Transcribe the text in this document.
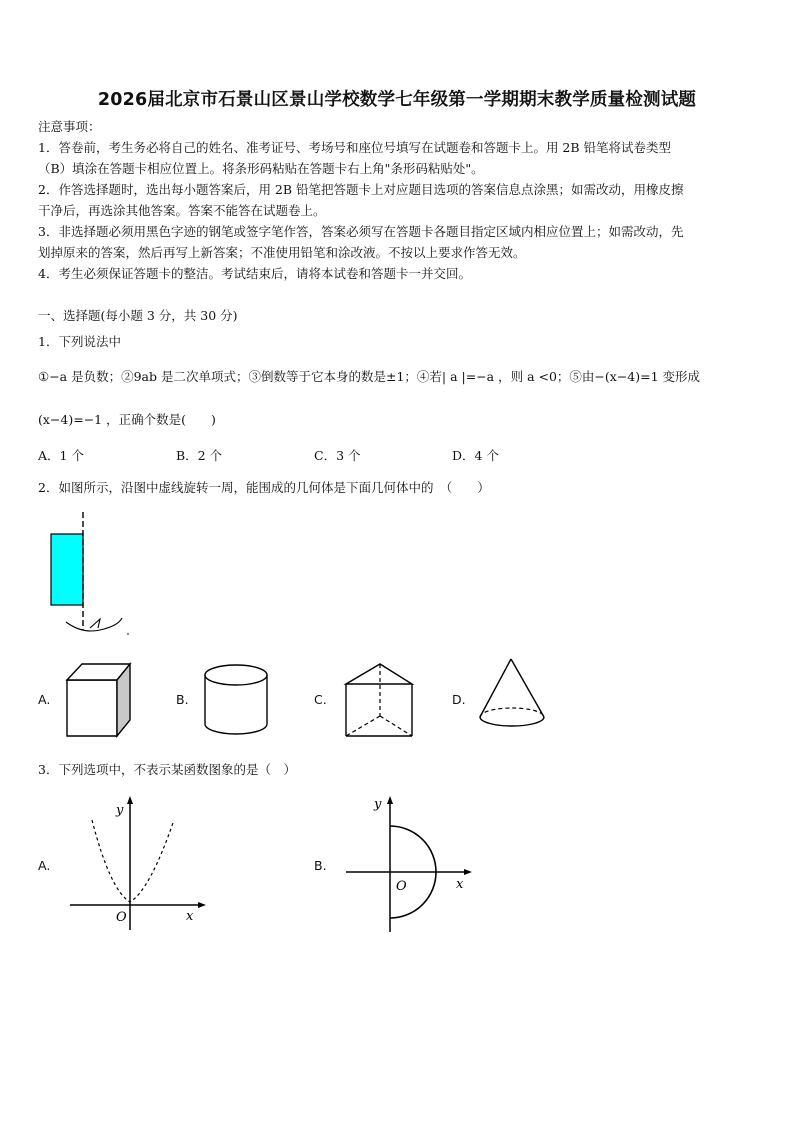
2026届北京市石景山区景山学校数学七年级第一学期期末教学质量检测试题
注意事项：
1．答卷前，考生务必将自己的姓名、准考证号、考场号和座位号填写在试题卷和答题卡上。用 2B 铅笔将试卷类型
（B）填涂在答题卡相应位置上。将条形码粘贴在答题卡右上角"条形码粘贴处"。
2．作答选择题时，选出每小题答案后，用 2B 铅笔把答题卡上对应题目选项的答案信息点涂黑；如需改动，用橡皮擦
干净后，再选涂其他答案。答案不能答在试题卷上。
3．非选择题必须用黑色字迹的钢笔或签字笔作答，答案必须写在答题卡各题目指定区域内相应位置上；如需改动，先
划掉原来的答案，然后再写上新答案；不准使用铅笔和涂改液。不按以上要求作答无效。
4．考生必须保证答题卡的整洁。考试结束后，请将本试卷和答题卡一并交回。
一、选择题(每小题 3 分，共 30 分)
1．下列说法中
①−a 是负数；②9ab 是二次单项式；③倒数等于它本身的数是±1；④若| a |=−a ，则 a <0；⑤由−(x−4)=1 变形成
(x−4)=−1 ，正确个数是(　　)
A．1 个	B．2 个	C．3 个	D．4 个
2．如图所示，沿图中虚线旋转一周，能围成的几何体是下面几何体中的　（　　）
A.	B.	C.	D.
3．下列选项中，不表示某函数图象的是（　）
A.
y
x
O
B.
y
x
O
